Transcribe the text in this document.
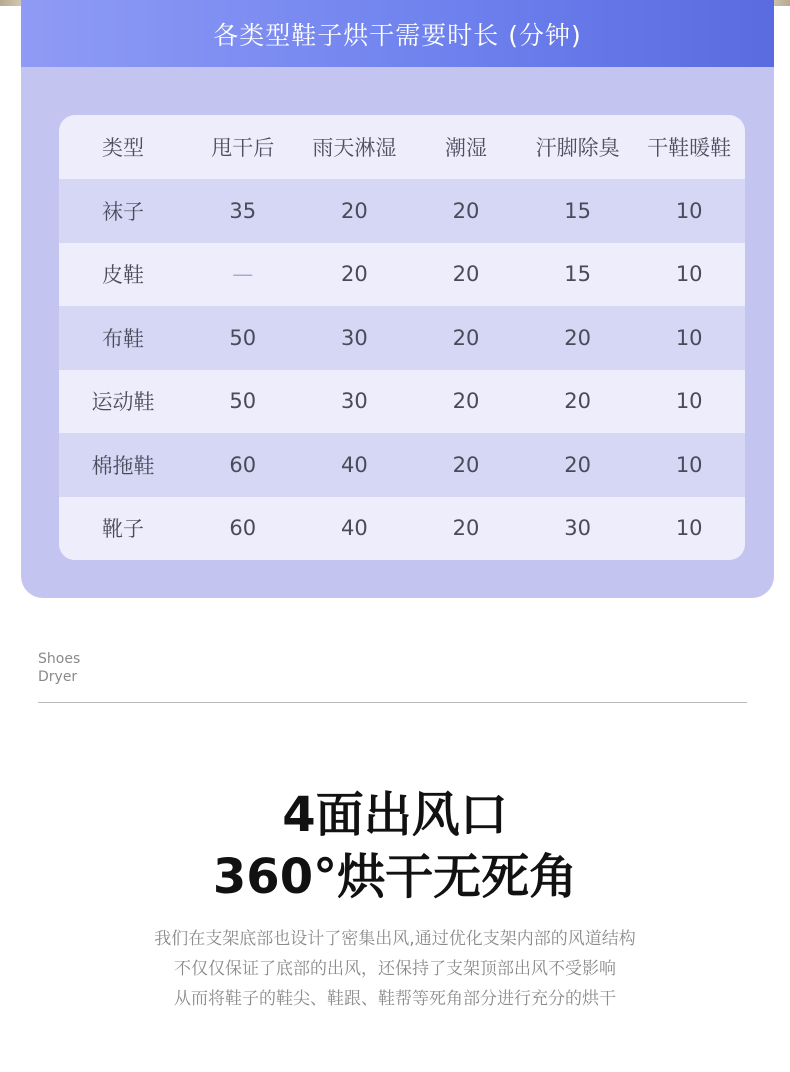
各类型鞋子烘干需要时长 (分钟)
类型	甩干后	雨天淋湿	潮湿	汗脚除臭	干鞋暖鞋
袜子	35	20	20	15	10
皮鞋	—	20	20	15	10
布鞋	50	30	20	20	10
运动鞋	50	30	20	20	10
棉拖鞋	60	40	20	20	10
靴子	60	40	20	30	10
Shoes
Dryer
4面出风口
360°烘干无死角
我们在支架底部也设计了密集出风,通过优化支架内部的风道结构
不仅仅保证了底部的出风，还保持了支架顶部出风不受影响
从而将鞋子的鞋尖、鞋跟、鞋帮等死角部分进行充分的烘干
